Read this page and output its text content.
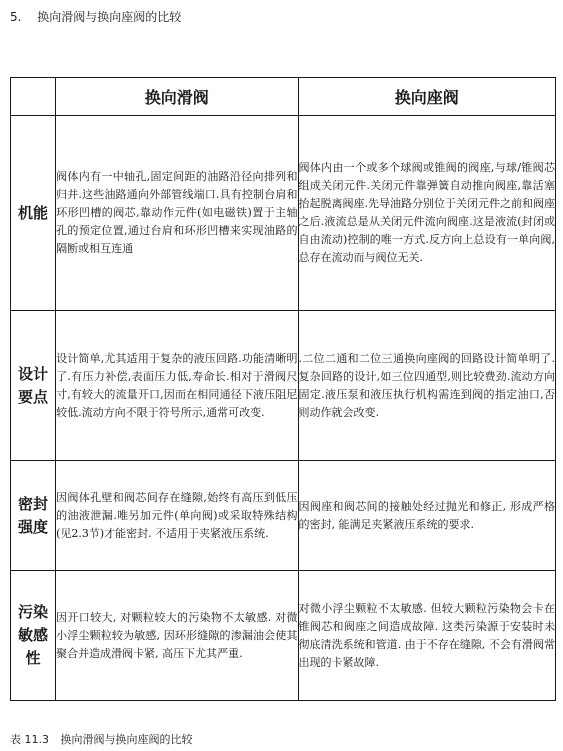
5. 换向滑阀与换向座阀的比较
	换向滑阀	换向座阀
机能	阀体内有一中轴孔,固定间距的油路沿径向排列和归并.这些油路通向外部管线端口.具有控制台肩和环形凹槽的阀芯,靠动作元件(如电磁铁)置于主轴孔的预定位置,通过台肩和环形凹槽来实现油路的隔断或相互连通	阀体内由一个或多个球阀或锥阀的阀座,与球/锥阀芯组成关闭元件.关闭元件靠弹簧自动推向阀座,靠活塞抬起脱离阀座.先导油路分别位于关闭元件之前和阀座之后.液流总是从关闭元件流向阀座.这是液流(封闭或自由流动)控制的唯一方式.反方向上总设有一单向阀,总存在流动而与阀位无关.
设计要点	设计简单,尤其适用于复杂的液压回路.功能清晰明了.有压力补偿,表面压力低,寿命长.相对于滑阀尺寸,有较大的流量开口,因而在相同通径下液压阻尼较低.流动方向不限于符号所示,通常可改变.	.二位二通和二位三通换向座阀的回路设计简单明了.复杂回路的设计,如三位四通型,则比较费劲.流动方向固定.液压泵和液压执行机构需连到阀的指定油口,否则动作就会改变.
密封强度	因阀体孔壁和阀芯间存在缝隙,始终有高压到低压的油液泄漏.唯另加元件(单向阀)或采取特殊结构(见2.3节)才能密封. 不适用于夹紧液压系统.	因阀座和阀芯间的接触处经过抛光和修正, 形成严格的密封, 能满足夹紧液压系统的要求.
污染敏感性	因开口较大, 对颗粒较大的污染物不太敏感. 对微小浮尘颗粒较为敏感, 因环形缝隙的渗漏油会使其聚合并造成滑阀卡紧, 高压下尤其严重.	对微小浮尘颗粒不太敏感. 但较大颗粒污染物会卡在锥阀芯和阀座之间造成故障. 这类污染源于安装时未彻底清洗系统和管道. 由于不存在缝隙, 不会有滑阀常出现的卡紧故障.
表 11.3 换向滑阀与换向座阀的比较
